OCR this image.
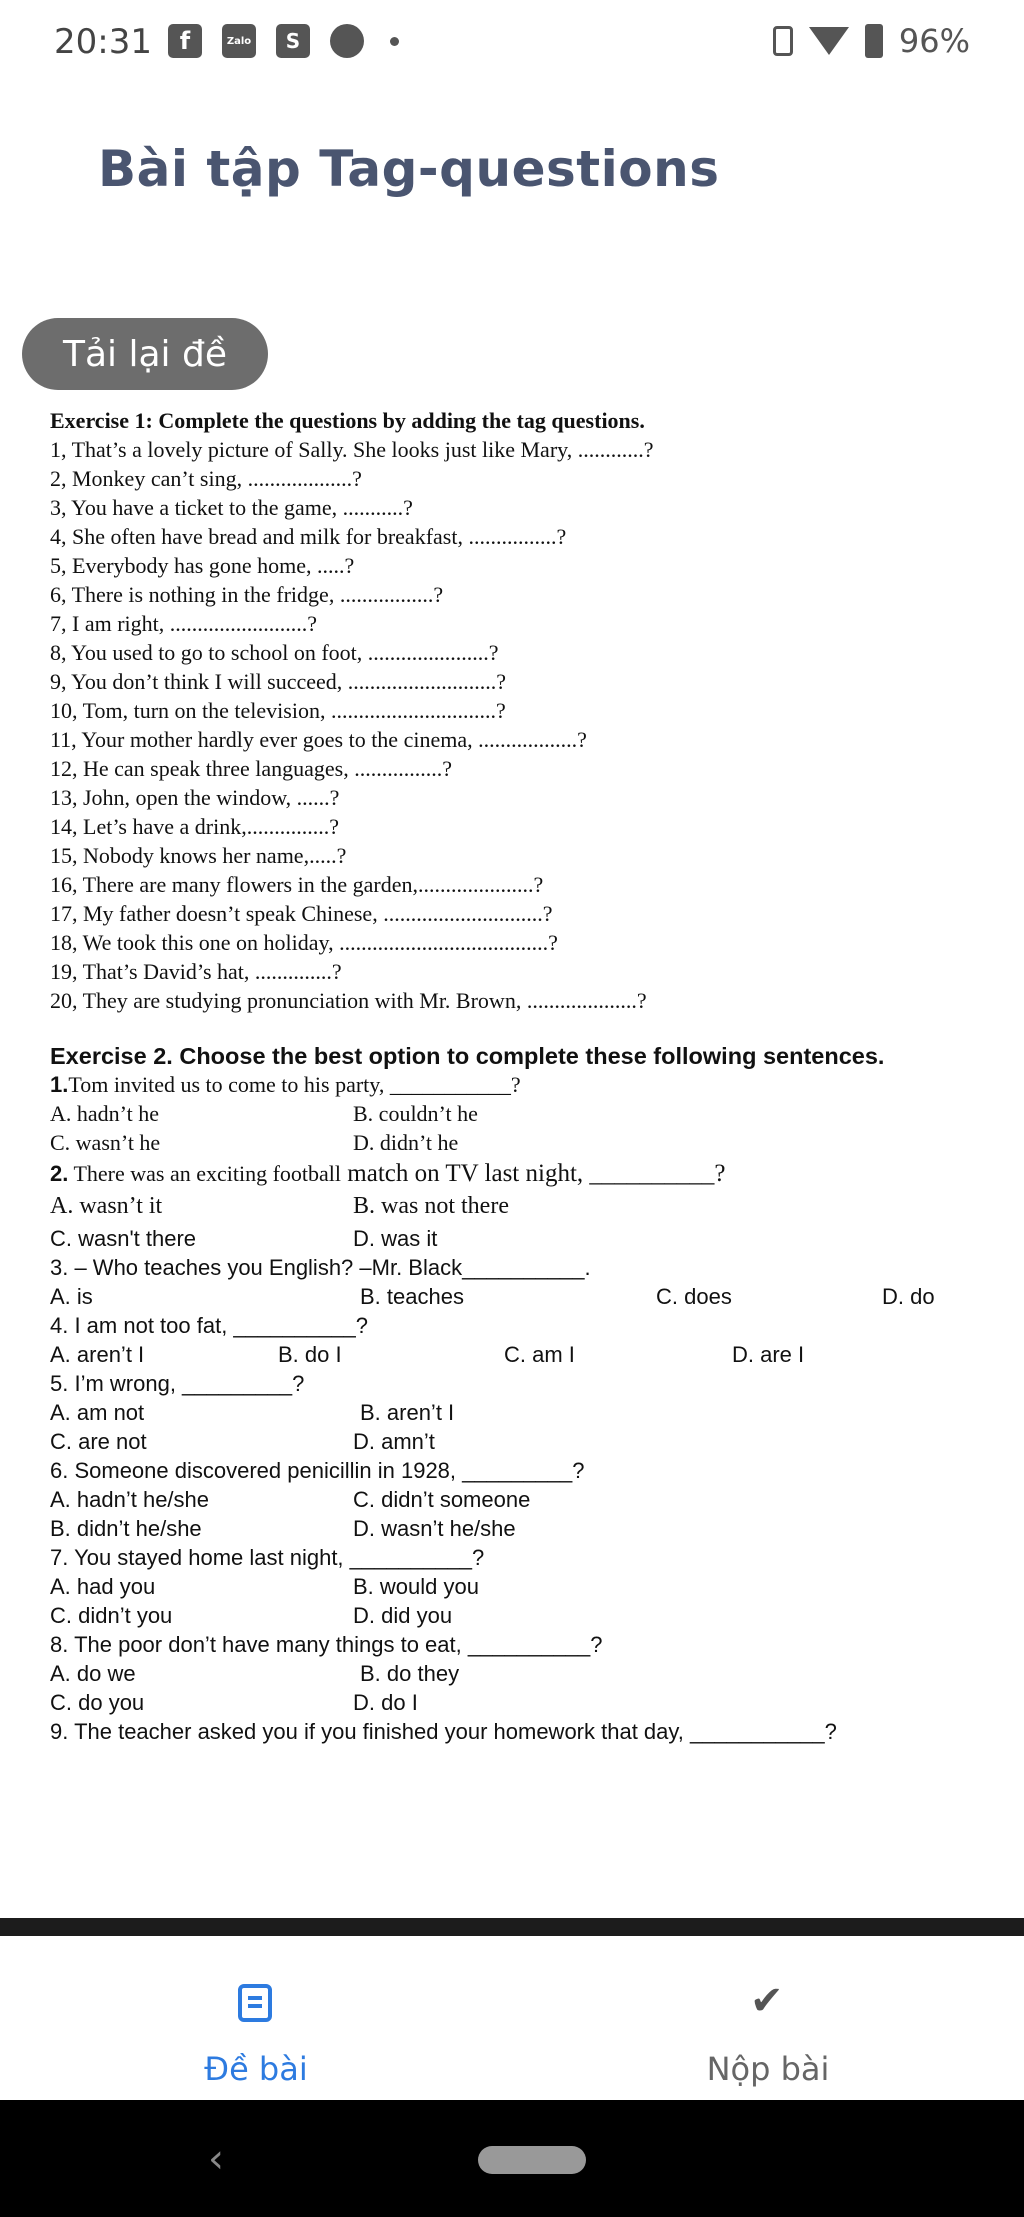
20:31	f	Zalo	S	96%
Bài tập Tag-questions
Tải lại đề
Exercise 1: Complete the questions by adding the tag questions.
1, That’s a lovely picture of Sally. She looks just like Mary, ............?
2, Monkey can’t sing, ...................?
3, You have a ticket to the game, ...........?
4, She often have bread and milk for breakfast, ................?
5, Everybody has gone home, .....?
6, There is nothing in the fridge, .................?
7, I am right, .........................?
8, You used to go to school on foot, ......................?
9, You don’t think I will succeed, ...........................?
10, Tom, turn on the television, ..............................?
11, Your mother hardly ever goes to the cinema, ..................?
12, He can speak three languages, ................?
13, John, open the window, ......?
14, Let’s have a drink,...............?
15, Nobody knows her name,.....?
16, There are many flowers in the garden,.....................?
17, My father doesn’t speak Chinese, .............................?
18, We took this one on holiday, ......................................?
19, That’s David’s hat, ..............?
20, They are studying pronunciation with Mr. Brown, ....................?
Exercise 2. Choose the best option to complete these following sentences.
1.Tom invited us to come to his party, ___________?
A. hadn’t he	B. couldn’t he
C. wasn’t he	D. didn’t he
2. There was an exciting football match on TV last night, __________?
A. wasn’t it	B. was not there
C. wasn't there	D. was it
3. – Who teaches you English? –Mr. Black__________.
A. is	B. teaches	C. does	D. do
4. I am not too fat, __________?
A. aren’t I	B. do I	C. am I	D. are I
5. I’m wrong, _________?
A. am not	B. aren’t I
C. are not	D. amn’t
6. Someone discovered penicillin in 1928, _________?
A. hadn’t he/she	C. didn’t someone
B. didn’t he/she	D. wasn’t he/she
7. You stayed home last night, __________?
A. had you	B. would you
C. didn’t you	D. did you
8. The poor don’t have many things to eat, __________?
A. do we	B. do they
C. do you	D. do I
9. The teacher asked you if you finished your homework that day, ___________?
Đề bài
✔
Nộp bài
‹
